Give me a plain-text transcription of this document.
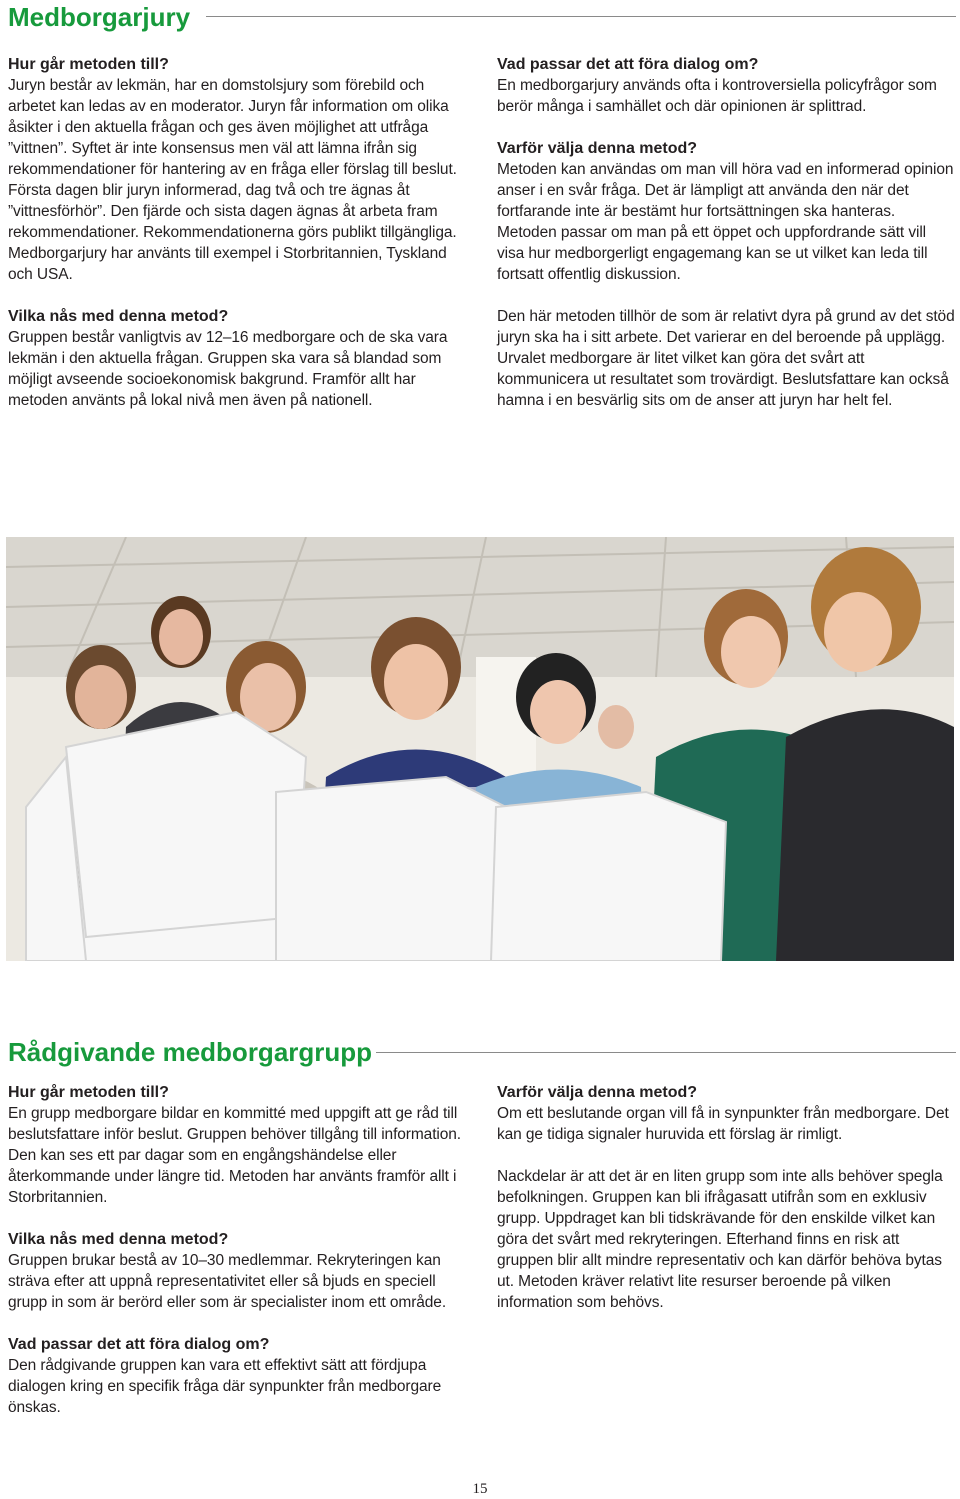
Medborgarjury

Hur går metoden till?

Juryn består av lekmän, har en domstolsjury som förebild och arbetet kan ledas av en moderator. Juryn får information om olika åsikter i den aktuella frågan och ges även möjlighet att utfråga ”vittnen”. Syftet är inte konsensus men väl att lämna ifrån sig rekommendationer för hantering av en fråga eller förslag till beslut. Första dagen blir juryn informerad, dag två och tre ägnas åt ”vittnesförhör”. Den fjärde och sista dagen ägnas åt arbeta fram rekommendationer. Rekommendationerna görs publikt tillgängliga. Medborgarjury har använts till exempel i Storbritannien, Tyskland och USA.

Vilka nås med denna metod?

Gruppen består vanligtvis av 12–16 medborgare och de ska vara lekmän i den aktuella frågan. Gruppen ska vara så blandad som möjligt avseende socioekonomisk bakgrund. Framför allt har metoden använts på lokal nivå men även på nationell.

Vad passar det att föra dialog om?

En medborgarjury används ofta i kontroversiella policyfrågor som berör många i samhället och där opinionen är splittrad.

Varför välja denna metod?

Metoden kan användas om man vill höra vad en informerad opinion anser i en svår fråga. Det är lämpligt att använda den när det fortfarande inte är bestämt hur fortsättningen ska hanteras. Metoden passar om man på ett öppet och uppfordrande sätt vill visa hur medborgerligt engagemang kan se ut vilket kan leda till fortsatt offentlig diskussion.

Den här metoden tillhör de som är relativt dyra på grund av det stöd juryn ska ha i sitt arbete. Det varierar en del beroende på upplägg. Urvalet medborgare är litet vilket kan göra det svårt att kommunicera ut resultatet som trovärdigt. Beslutsfattare kan också hamna i en besvärlig sits om de anser att juryn har helt fel.

Rådgivande medborgargrupp

Hur går metoden till?

En grupp medborgare bildar en kommitté med uppgift att ge råd till beslutsfattare inför beslut. Gruppen behöver tillgång till information. Den kan ses ett par dagar som en engångshändelse eller återkommande under längre tid. Metoden har använts framför allt i Storbritannien.

Vilka nås med denna metod?

Gruppen brukar bestå av 10–30 medlemmar. Rekryteringen kan sträva efter att uppnå representativitet eller så bjuds en speciell grupp in som är berörd eller som är specialister inom ett område.

Vad passar det att föra dialog om?

Den rådgivande gruppen kan vara ett effektivt sätt att fördjupa dialogen kring en specifik fråga där synpunkter från medborgare önskas.

Varför välja denna metod?

Om ett beslutande organ vill få in synpunkter från medborgare. Det kan ge tidiga signaler huruvida ett förslag är rimligt.

Nackdelar är att det är en liten grupp som inte alls behöver spegla befolkningen. Gruppen kan bli ifrågasatt utifrån som en exklusiv grupp. Uppdraget kan bli tidskrävande för den enskilde vilket kan göra det svårt med rekryteringen. Efterhand finns en risk att gruppen blir allt mindre representativ och kan därför behöva bytas ut. Metoden kräver relativt lite resurser beroende på vilken information som behövs.

15
